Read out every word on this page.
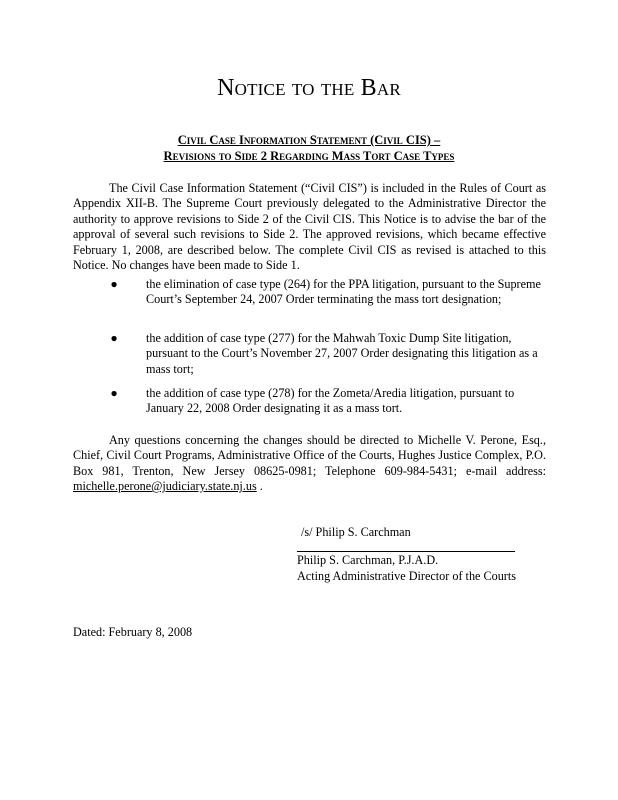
Notice to the Bar
Civil Case Information Statement (Civil CIS) –
Revisions to Side 2 Regarding Mass Tort Case Types
The Civil Case Information Statement (“Civil CIS”) is included in the Rules of Court as Appendix XII-B. The Supreme Court previously delegated to the Administrative Director the authority to approve revisions to Side 2 of the Civil CIS. This Notice is to advise the bar of the approval of several such revisions to Side 2. The approved revisions, which became effective February 1, 2008, are described below. The complete Civil CIS as revised is attached to this Notice. No changes have been made to Side 1.
● the elimination of case type (264) for the PPA litigation, pursuant to the Supreme Court’s September 24, 2007 Order terminating the mass tort designation;
● the addition of case type (277) for the Mahwah Toxic Dump Site litigation, pursuant to the Court’s November 27, 2007 Order designating this litigation as a mass tort;
● the addition of case type (278) for the Zometa/Aredia litigation, pursuant to January 22, 2008 Order designating it as a mass tort.
Any questions concerning the changes should be directed to Michelle V. Perone, Esq., Chief, Civil Court Programs, Administrative Office of the Courts, Hughes Justice Complex, P.O. Box 981, Trenton, New Jersey 08625-0981; Telephone 609-984-5431; e-mail address: michelle.perone@judiciary.state.nj.us .
/s/ Philip S. Carchman
Philip S. Carchman, P.J.A.D.
Acting Administrative Director of the Courts
Dated: February 8, 2008
